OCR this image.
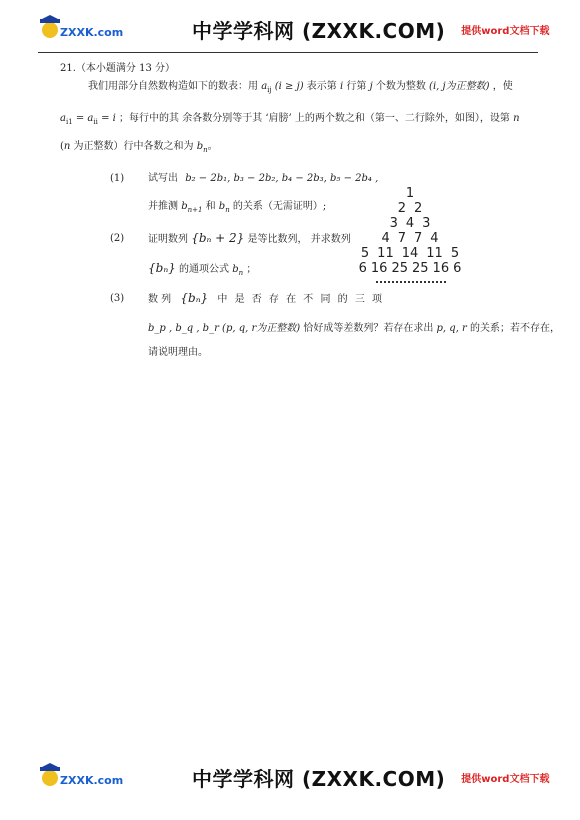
ZXXK.com	中学学科网 (ZXXK.COM) 提供word文档下载
21.（本小题满分 13 分）
我们用部分自然数构造如下的数表：用 $a_{ij}$ (i ≥ j) 表示第 i 行第 j 个数为整数 (i, j为正整数) ，使
$a_{i1} = a_{ii} = i$ ；每行中的其 余各数分别等于其 ‘肩膀’ 上的两个数之和（第一、二行除外，如图），设第 n
(n 为正整数）行中各数之和为 $b_n$。
(1) 试写出 b₂ − 2b₁, b₃ − 2b₂, b₄ − 2b₃, b₅ − 2b₄ ,
并推测 $b_{n+1}$ 和 $b_n$ 的关系（无需证明）;
(2) 证明数列 {bₙ + 2} 是等比数列， 并求数列
{bₙ} 的通项公式 $b_n$ ；
(3) 数 列 {bₙ} 中 是 否 存 在 不 同 的 三 项
b_p , b_q , b_r (p, q, r为正整数) 恰好成等差数列？若存在求出 p, q, r 的关系；若不存在，
请说明理由。
1
2 2
3 4 3
4 7 7 4
5 11 14 11 5
6 16 25 25 16 6
ZXXK.com	中学学科网 (ZXXK.COM) 提供word文档下载
